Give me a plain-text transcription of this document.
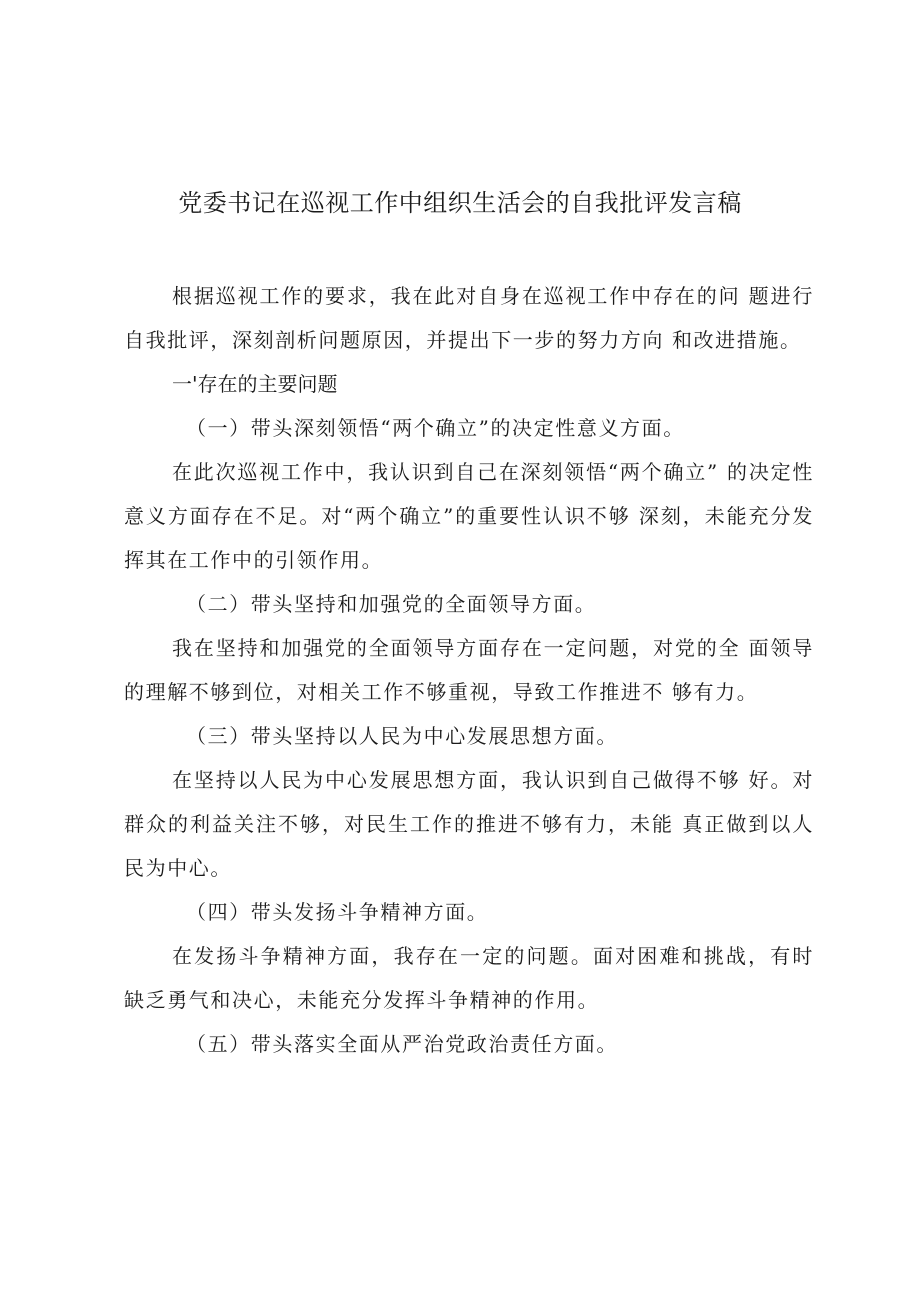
党委书记在巡视工作中组织生活会的自我批评发言稿

根据巡视工作的要求，我在此对自身在巡视工作中存在的问 题进行自我批评，深刻剖析问题原因，并提出下一步的努力方向 和改进措施。

一'存在的主要问题

（一）带头深刻领悟“两个确立”的决定性意义方面。

在此次巡视工作中，我认识到自己在深刻领悟“两个确立” 的决定性意义方面存在不足。对“两个确立”的重要性认识不够 深刻，未能充分发挥其在工作中的引领作用。

（二）带头坚持和加强党的全面领导方面。

我在坚持和加强党的全面领导方面存在一定问题，对党的全 面领导的理解不够到位，对相关工作不够重视，导致工作推进不 够有力。

（三）带头坚持以人民为中心发展思想方面。

在坚持以人民为中心发展思想方面，我认识到自己做得不够 好。对群众的利益关注不够，对民生工作的推进不够有力，未能 真正做到以人民为中心。

（四）带头发扬斗争精神方面。

在发扬斗争精神方面，我存在一定的问题。面对困难和挑战，有时缺乏勇气和决心，未能充分发挥斗争精神的作用。

（五）带头落实全面从严治党政治责任方面。
